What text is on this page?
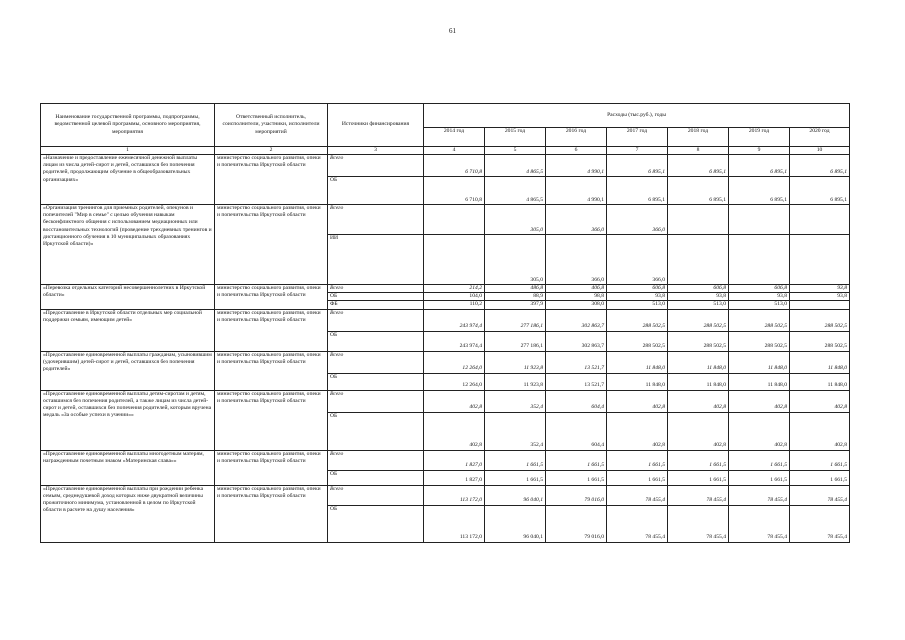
61
Наименование государственной программы, подпрограммы, ведомственной целевой программы, основного мероприятия, мероприятия	Ответственный исполнитель, соисполнители, участники, исполнители мероприятий	Источники финансирования	Расходы (тыс.руб.), годы						
			2014 год	2015 год	2016 год	2017 год	2018 год	2019 год	2020 год
1	2	3	4	5	6	7	8	9	10
«Назначение и предоставление ежемесячной денежной выплаты лицам из числа детей-сирот и детей, оставшихся без попечения родителей, продолжающим обучение в общеобразовательных организациях»	министерство социального развития, опеки и попечительства Иркутской области	Всего	6 710,8	4 865,5	4 990,1	6 895,1	6 895,1	6 895,1	6 895,1
		ОБ	6 710,8	4 865,5	4 990,1	6 895,1	6 895,1	6 895,1	6 895,1
«Организация тренингов для приемных родителей, опекунов и попечителей "Мир в семье" с целью обучения навыкам бесконфликтного общения с использованием медиационных или восстановительных технологий (проведение трехдневных тренингов и дистанционного обучения в 10 муниципальных образованиях Иркутской области)»	министерство социального развития, опеки и попечительства Иркутской области	Всего		305,0	366,0	366,0			
		ИИ		305,0	366,0	366,0			
«Перевозка отдельных категорий несовершеннолетних в Иркутской области»	министерство социального развития, опеки и попечительства Иркутской области	Всего	214,2	486,8	406,8	606,8	606,8	606,8	93,8
		ОБ	104,0	88,9	98,8	93,8	93,8	93,8	93,8
		ФБ	110,2	397,9	308,0	513,0	513,0	513,0	
«Предоставление в Иркутской области отдельных мер социальной поддержки семьям, имеющим детей»	министерство социального развития, опеки и попечительства Иркутской области	Всего	243 974,4	277 186,1	302 863,7	288 502,5	288 502,5	288 502,5	288 502,5
		ОБ	243 974,4	277 186,1	302 863,7	288 502,5	288 502,5	288 502,5	288 502,5
«Предоставление единовременной выплаты гражданам, усыновившим (удочерившим) детей-сирот и детей, оставшихся без попечения родителей»	министерство социального развития, опеки и попечительства Иркутской области	Всего	12 264,0	11 923,8	13 521,7	11 848,0	11 848,0	11 848,0	11 848,0
		ОБ	12 264,0	11 923,8	13 521,7	11 848,0	11 848,0	11 848,0	11 848,0
«Предоставление единовременной выплаты детям-сиротам и детям, оставшимся без попечения родителей, а также лицам из числа детей-сирот и детей, оставшихся без попечения родителей, которым вручена медаль «За особые успехи в учении»»	министерство социального развития, опеки и попечительства Иркутской области	Всего	402,8	352,4	604,4	402,8	402,8	402,8	402,8
		ОБ	402,8	352,4	604,4	402,8	402,8	402,8	402,8
«Предоставление единовременной выплаты многодетным матерям, награжденным почетным знаком «Материнская слава»»	министерство социального развития, опеки и попечительства Иркутской области	Всего	1 827,0	1 661,5	1 661,5	1 661,5	1 661,5	1 661,5	1 661,5
		ОБ	1 827,0	1 661,5	1 661,5	1 661,5	1 661,5	1 661,5	1 661,5
«Предоставление единовременной выплаты при рождении ребенка семьям, среднедушевой доход которых ниже двукратной величины прожиточного минимума, установленной в целом по Иркутской области в расчете на душу населения»	министерство социального развития, опеки и попечительства Иркутской области	Всего	113 172,0	96 040,1	79 016,0	78 455,4	78 455,4	78 455,4	78 455,4
		ОБ	113 172,0	96 040,1	79 016,0	78 455,4	78 455,4	78 455,4	78 455,4
